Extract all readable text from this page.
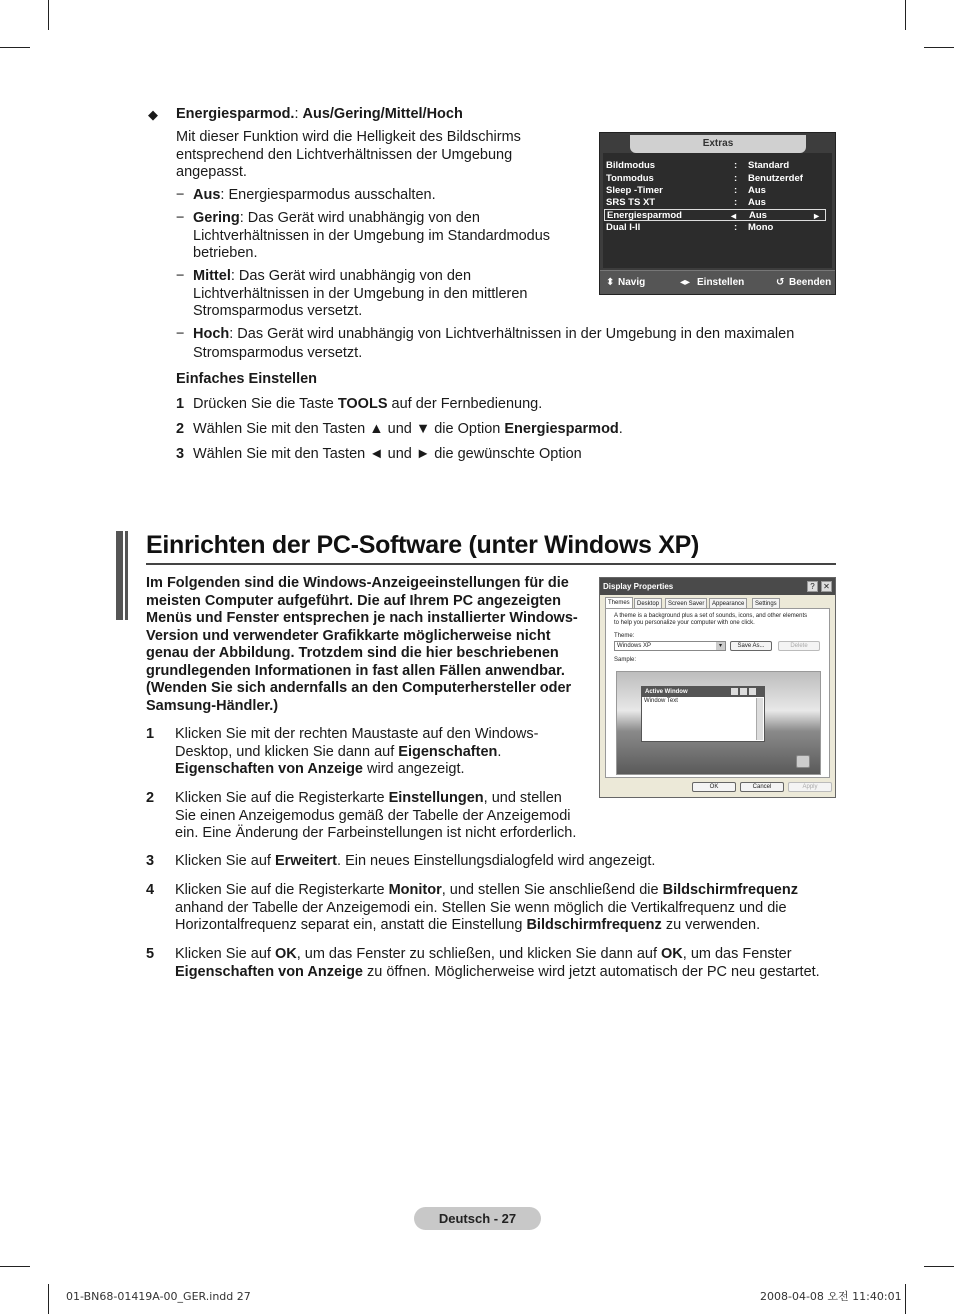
◆ Energiesparmod.: Aus/Gering/Mittel/Hoch
Mit dieser Funktion wird die Helligkeit des Bildschirms
entsprechend den Lichtverhältnissen der Umgebung
angepasst.
− Aus: Energiesparmodus ausschalten.
− Gering: Das Gerät wird unabhängig von den
Lichtverhältnissen in der Umgebung im Standardmodus
betrieben.
− Mittel: Das Gerät wird unabhängig von den
Lichtverhältnissen in der Umgebung in den mittleren
Stromsparmodus versetzt.
− Hoch: Das Gerät wird unabhängig von Lichtverhältnissen in der Umgebung in den maximalen
Stromsparmodus versetzt.
Einfaches Einstellen
1 Drücken Sie die Taste TOOLS auf der Fernbedienung.
2 Wählen Sie mit den Tasten ▲ und ▼ die Option Energiesparmod.
3 Wählen Sie mit den Tasten ◄ und ► die gewünschte Option
Extras
Bildmodus	: Standard
Tonmodus	: Benutzerdef
Sleep -Timer	: Aus
SRS TS XT	: Aus
Energiesparmod	◄ Aus	►
Dual I-II	: Mono
⬍ Navig	◂▸ Einstellen	↺ Beenden
Einrichten der PC-Software (unter Windows XP)
Im Folgenden sind die Windows-Anzeigeeinstellungen für die
meisten Computer aufgeführt. Die auf Ihrem PC angezeigten
Menüs und Fenster entsprechen je nach installierter Windows-
Version und verwendeter Grafikkarte möglicherweise nicht
genau der Abbildung. Trotzdem sind die hier beschriebenen
grundlegenden Informationen in fast allen Fällen anwendbar.
(Wenden Sie sich andernfalls an den Computerhersteller oder
Samsung-Händler.)
Display Properties	?	✕
Themes	Desktop	Screen Saver	Appearance	Settings
A theme is a background plus a set of sounds, icons, and other elements
to help you personalize your computer with one click.
Theme:
Windows XP	▾	Save As...	Delete
Sample:
Active Window
Window Text
OK	Cancel	Apply
1 Klicken Sie mit der rechten Maustaste auf den Windows-
Desktop, und klicken Sie dann auf Eigenschaften.
Eigenschaften von Anzeige wird angezeigt.
2 Klicken Sie auf die Registerkarte Einstellungen, und stellen
Sie einen Anzeigemodus gemäß der Tabelle der Anzeigemodi
ein. Eine Änderung der Farbeinstellungen ist nicht erforderlich.
3 Klicken Sie auf Erweitert. Ein neues Einstellungsdialogfeld wird angezeigt.
4 Klicken Sie auf die Registerkarte Monitor, und stellen Sie anschließend die Bildschirmfrequenz
anhand der Tabelle der Anzeigemodi ein. Stellen Sie wenn möglich die Vertikalfrequenz und die
Horizontalfrequenz separat ein, anstatt die Einstellung Bildschirmfrequenz zu verwenden.
5 Klicken Sie auf OK, um das Fenster zu schließen, und klicken Sie dann auf OK, um das Fenster
Eigenschaften von Anzeige zu öffnen. Möglicherweise wird jetzt automatisch der PC neu gestartet.
Deutsch - 27
01-BN68-01419A-00_GER.indd 27	2008-04-08 오전 11:40:01
